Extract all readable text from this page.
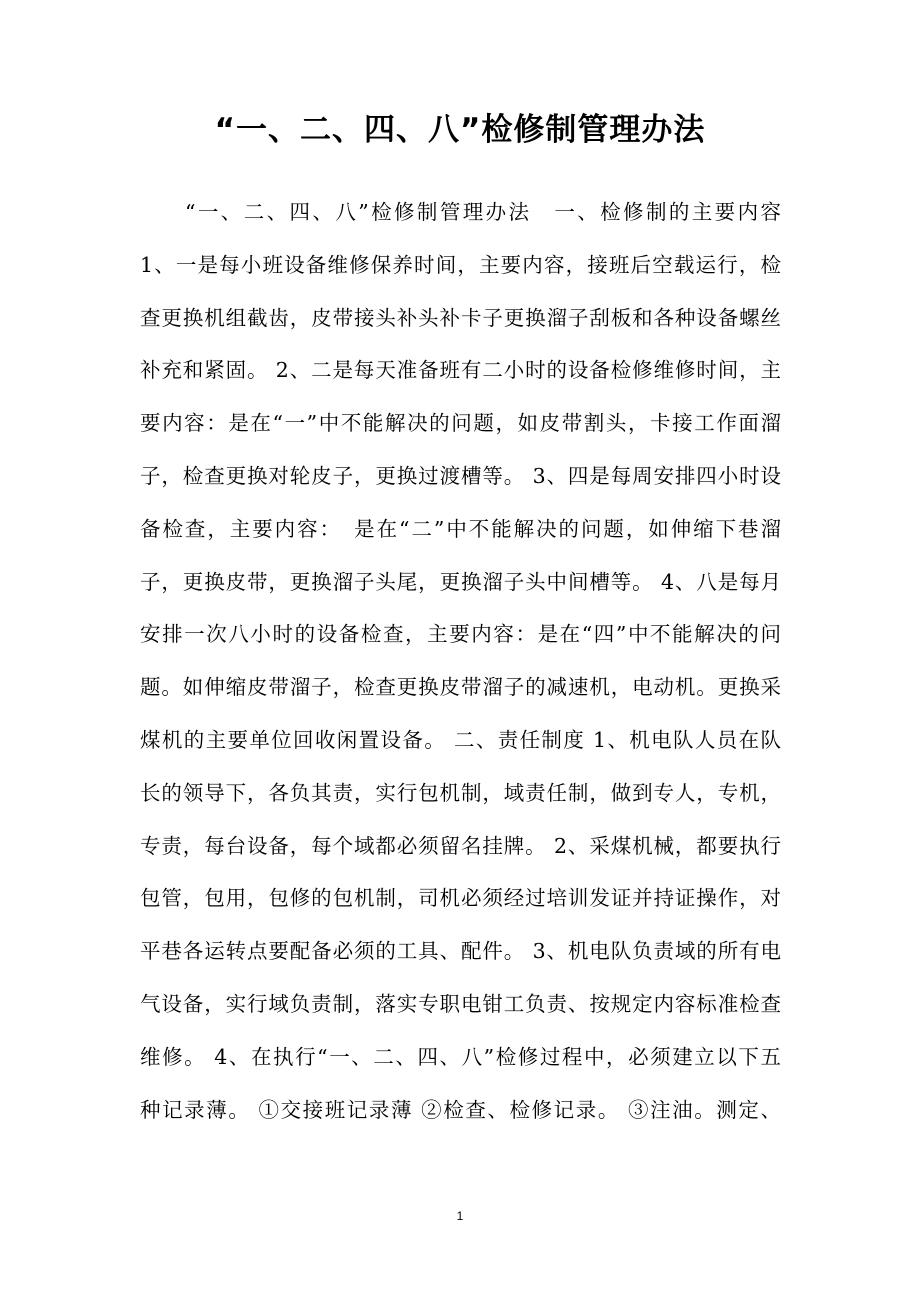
“一、二、四、八”检修制管理办法
“一、二、四、八”检修制管理办法　一、检修制的主要内容
1、一是每小班设备维修保养时间，主要内容，接班后空载运行，检
查更换机组截齿，皮带接头补头补卡子更换溜子刮板和各种设备螺丝
补充和紧固。 2、二是每天准备班有二小时的设备检修维修时间，主
要内容：是在“一”中不能解决的问题，如皮带割头，卡接工作面溜
子，检查更换对轮皮子，更换过渡槽等。 3、四是每周安排四小时设
备检查，主要内容：　是在“二”中不能解决的问题，如伸缩下巷溜
子，更换皮带，更换溜子头尾，更换溜子头中间槽等。 4、八是每月
安排一次八小时的设备检查，主要内容：是在“四”中不能解决的问
题。如伸缩皮带溜子，检查更换皮带溜子的减速机，电动机。更换采
煤机的主要单位回收闲置设备。 二、责任制度 1、机电队人员在队
长的领导下，各负其责，实行包机制，域责任制，做到专人，专机，
专责，每台设备，每个域都必须留名挂牌。 2、采煤机械，都要执行
包管，包用，包修的包机制，司机必须经过培训发证并持证操作，对
平巷各运转点要配备必须的工具、配件。 3、机电队负责域的所有电
气设备，实行域负责制，落实专职电钳工负责、按规定内容标准检查
维修。 4、在执行“一、二、四、八”检修过程中，必须建立以下五
种记录薄。 ①交接班记录薄 ②检查、检修记录。 ③注油。测定、
1
